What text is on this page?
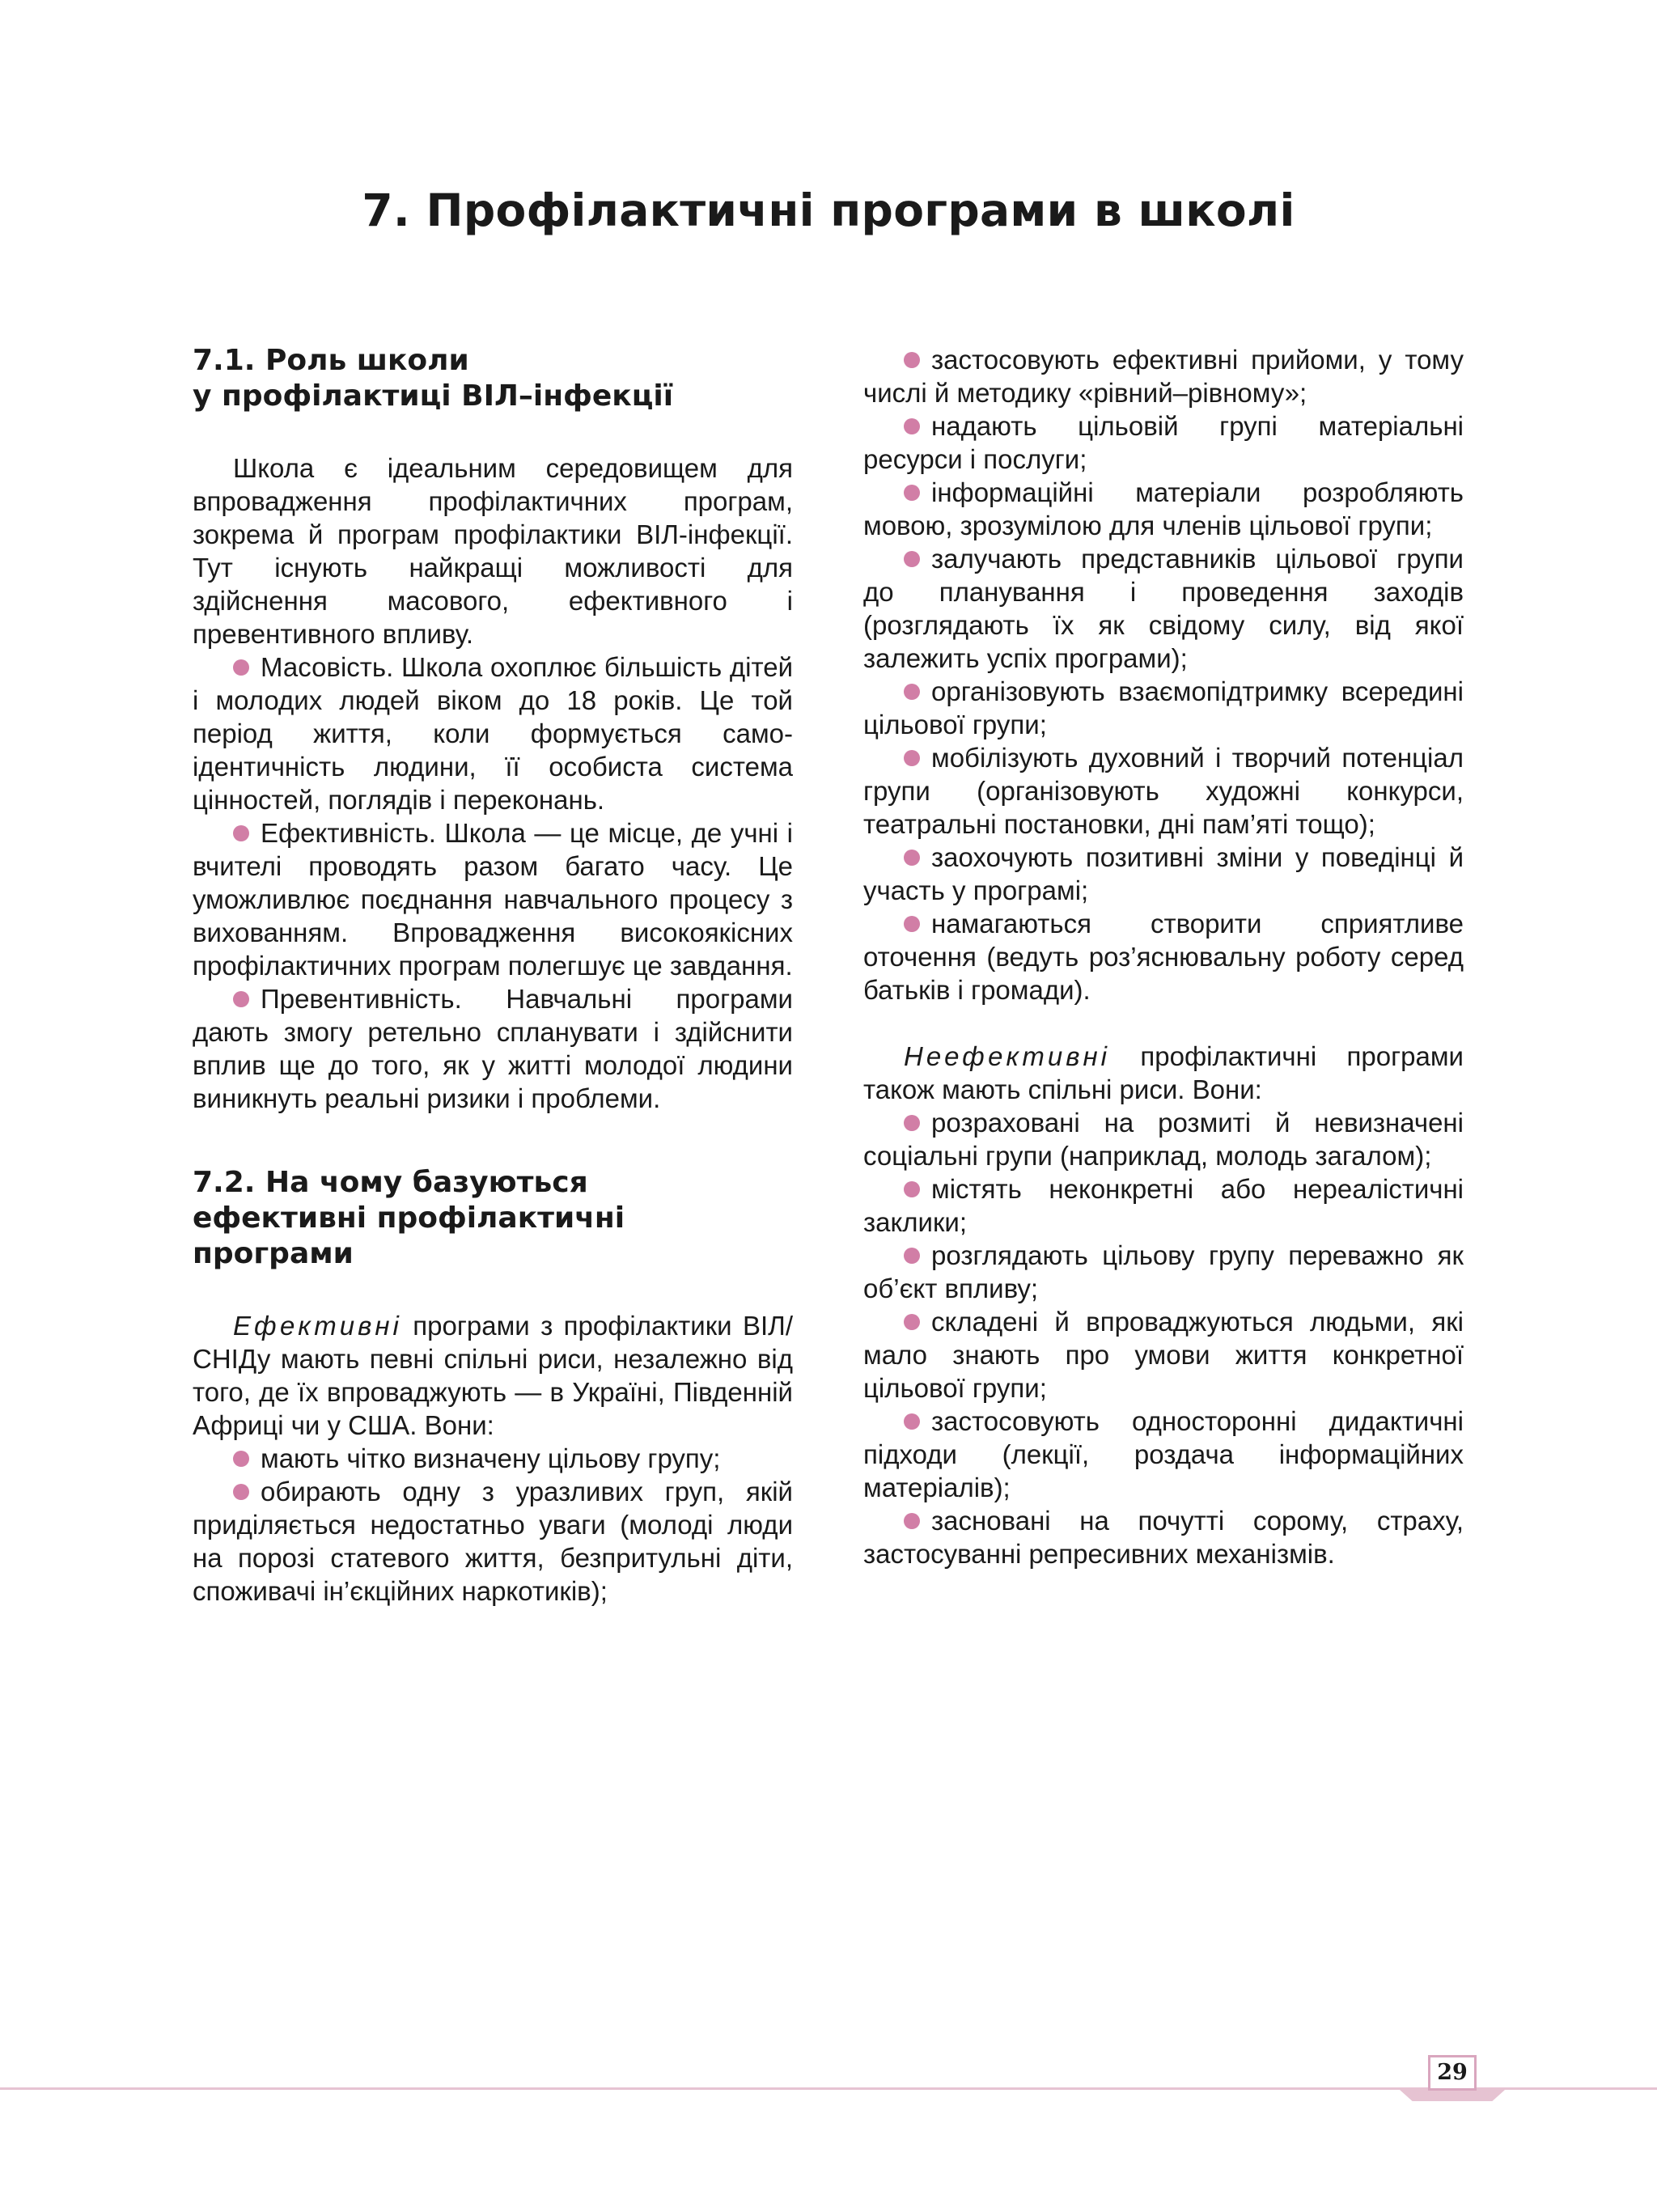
7. Профілактичні програми в школі
7.1. Роль школи
у профілактиці ВІЛ–інфекції

Школа є ідеальним середовищем для впровадження профілактичних програм, зокрема й програм профілактики ВІЛ-інфекції. Тут існують найкращі можливості для здійснення масового, ефективного і превентивного впливу.

Масовість. Школа охоплює більшість дітей і молодих людей віком до 18 років. Це той період життя, коли формується самоідентичність людини, її особиста система цінностей, поглядів і переконань.

Ефективність. Школа — це місце, де учні і вчителі проводять разом багато часу. Це уможливлює поєднання навчального процесу з вихованням. Впровадження високоякісних профілактичних програм полегшує це завдання.

Превентивність. Навчальні програми дають змогу ретельно спланувати і здійснити вплив ще до того, як у житті молодої людини виникнуть реальні ризики і проблеми.

7.2. На чому базуються
ефективні профілактичні
програми

Ефективні програми з профілактики ВІЛ/СНІДу мають певні спільні риси, незалежно від того, де їх впроваджують — в Україні, Південній Африці чи у США. Вони:

мають чітко визначену цільову групу;

обирають одну з уразливих груп, якій приділяється недостатньо уваги (молоді люди на порозі статевого життя, безпритульні діти, споживачі ін’єкційних наркотиків);

застосовують ефективні прийоми, у тому числі й методику «рівний–рівному»;

надають цільовій групі матеріальні ресурси і послуги;

інформаційні матеріали розробляють мовою, зрозумілою для членів цільової групи;

залучають представників цільової групи до планування і проведення заходів (розглядають їх як свідому силу, від якої залежить успіх програми);

організовують взаємопідтримку всередині цільової групи;

мобілізують духовний і творчий потенціал групи (організовують художні конкурси, театральні постановки, дні пам’яті тощо);

заохочують позитивні зміни у поведінці й участь у програмі;

намагаються створити сприятливе оточення (ведуть роз’яснювальну роботу серед батьків і громади).

Неефективні профілактичні програми також мають спільні риси. Вони:

розраховані на розмиті й невизначені соціальні групи (наприклад, молодь загалом);

містять неконкретні або нереалістичні заклики;

розглядають цільову групу переважно як об’єкт впливу;

складені й впроваджуються людьми, які мало знають про умови життя конкретної цільової групи;

застосовують односторонні дидактичні підходи (лекції, роздача інформаційних матеріалів);

засновані на почутті сорому, страху, застосуванні репресивних механізмів.

29
